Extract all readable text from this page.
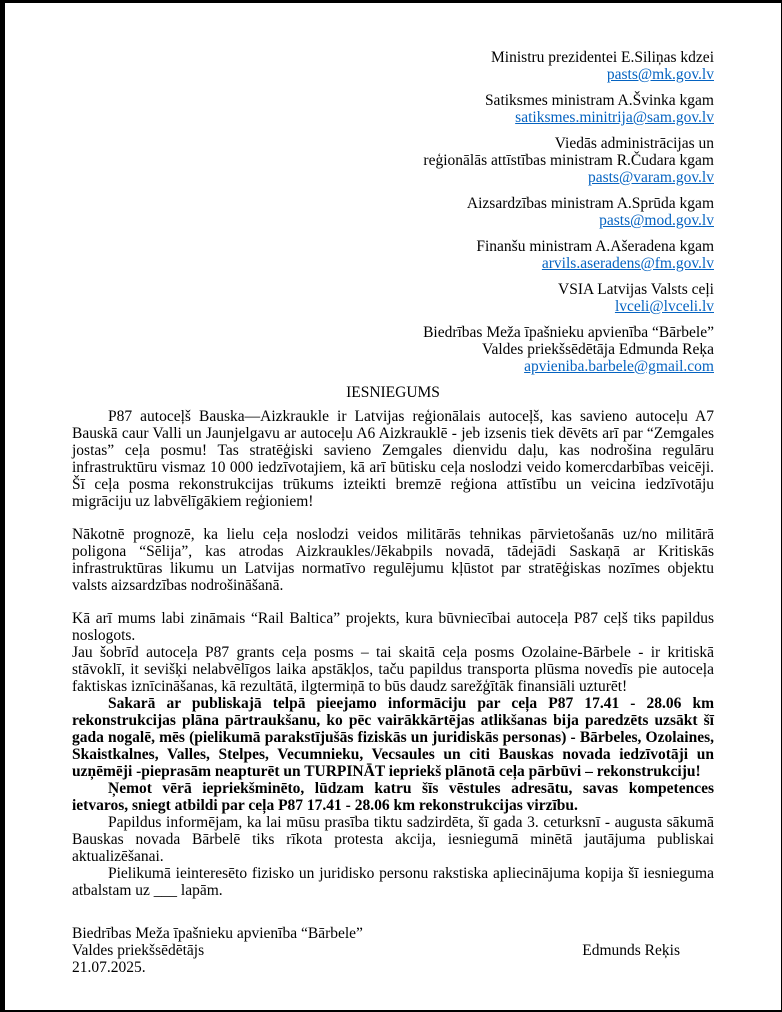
Ministru prezidentei E.Siliņas kdzei
pasts@mk.gov.lv
Satiksmes ministram A.Švinka kgam
satiksmes.minitrija@sam.gov.lv
Viedās administrācijas un
reģionālās attīstības ministram R.Čudara kgam
pasts@varam.gov.lv
Aizsardzības ministram A.Sprūda kgam
pasts@mod.gov.lv
Finanšu ministram A.Ašeradena kgam
arvils.aseradens@fm.gov.lv
VSIA Latvijas Valsts ceļi
lvceli@lvceli.lv
Biedrības Meža īpašnieku apvienība “Bārbele”
Valdes priekšsēdētāja Edmunda Reķa
apvieniba.barbele@gmail.com
IESNIEGUMS

P87 autoceļš Bauska—Aizkraukle ir Latvijas reģionālais autoceļš, kas savieno autoceļu A7 Bauskā caur Valli un Jaunjelgavu ar autoceļu A6 Aizkrauklē - jeb izsenis tiek dēvēts arī par “Zemgales jostas” ceļa posmu! Tas stratēģiski savieno Zemgales dienvidu daļu, kas nodrošina regulāru infrastruktūru vismaz 10 000 iedzīvotajiem, kā arī būtisku ceļa noslodzi veido komercdarbības veicēji. Šī ceļa posma rekonstrukcijas trūkums izteikti bremzē reģiona attīstību un veicina iedzīvotāju migrāciju uz labvēlīgākiem reģioniem!

Nākotnē prognozē, ka lielu ceļa noslodzi veidos militārās tehnikas pārvietošanās uz/no militārā poligona “Sēlija”, kas atrodas Aizkraukles/Jēkabpils novadā, tādejādi Saskaņā ar Kritiskās infrastruktūras likumu un Latvijas normatīvo regulējumu kļūstot par stratēģiskas nozīmes objektu valsts aizsardzības nodrošināšanā.

Kā arī mums labi zināmais “Rail Baltica” projekts, kura būvniecībai autoceļa P87 ceļš tiks papildus noslogots.

Jau šobrīd autoceļa P87 grants ceļa posms – tai skaitā ceļa posms Ozolaine-Bārbele - ir kritiskā stāvoklī, it sevišķi nelabvēlīgos laika apstākļos, taču papildus transporta plūsma novedīs pie autoceļa faktiskas iznīcināšanas, kā rezultātā, ilgtermiņā to būs daudz sarežģītāk finansiāli uzturēt!

Sakarā ar publiskajā telpā pieejamo informāciju par ceļa P87 17.41 - 28.06 km rekonstrukcijas plāna pārtraukšanu, ko pēc vairākkārtējas atlikšanas bija paredzēts uzsākt šī gada nogalē, mēs (pielikumā parakstījušās fiziskās un juridiskās personas) - Bārbeles, Ozolaines, Skaistkalnes, Valles, Stelpes, Vecumnieku, Vecsaules un citi Bauskas novada iedzīvotāji un uzņēmēji -pieprasām neapturēt un TURPINĀT iepriekš plānotā ceļa pārbūvi – rekonstrukciju!

Ņemot vērā iepriekšminēto, lūdzam katru šīs vēstules adresātu, savas kompetences ietvaros, sniegt atbildi par ceļa P87 17.41 - 28.06 km rekonstrukcijas virzību.

Papildus informējam, ka lai mūsu prasība tiktu sadzirdēta, šī gada 3. ceturksnī - augusta sākumā Bauskas novada Bārbelē tiks rīkota protesta akcija, iesniegumā minētā jautājuma publiskai aktualizēšanai.

Pielikumā ieinteresēto fizisko un juridisko personu rakstiska apliecinājuma kopija šī iesnieguma atbalstam uz ___ lapām.

Biedrības Meža īpašnieku apvienība “Bārbele”
Valdes priekšsēdētājs	Edmunds Reķis
21.07.2025.
